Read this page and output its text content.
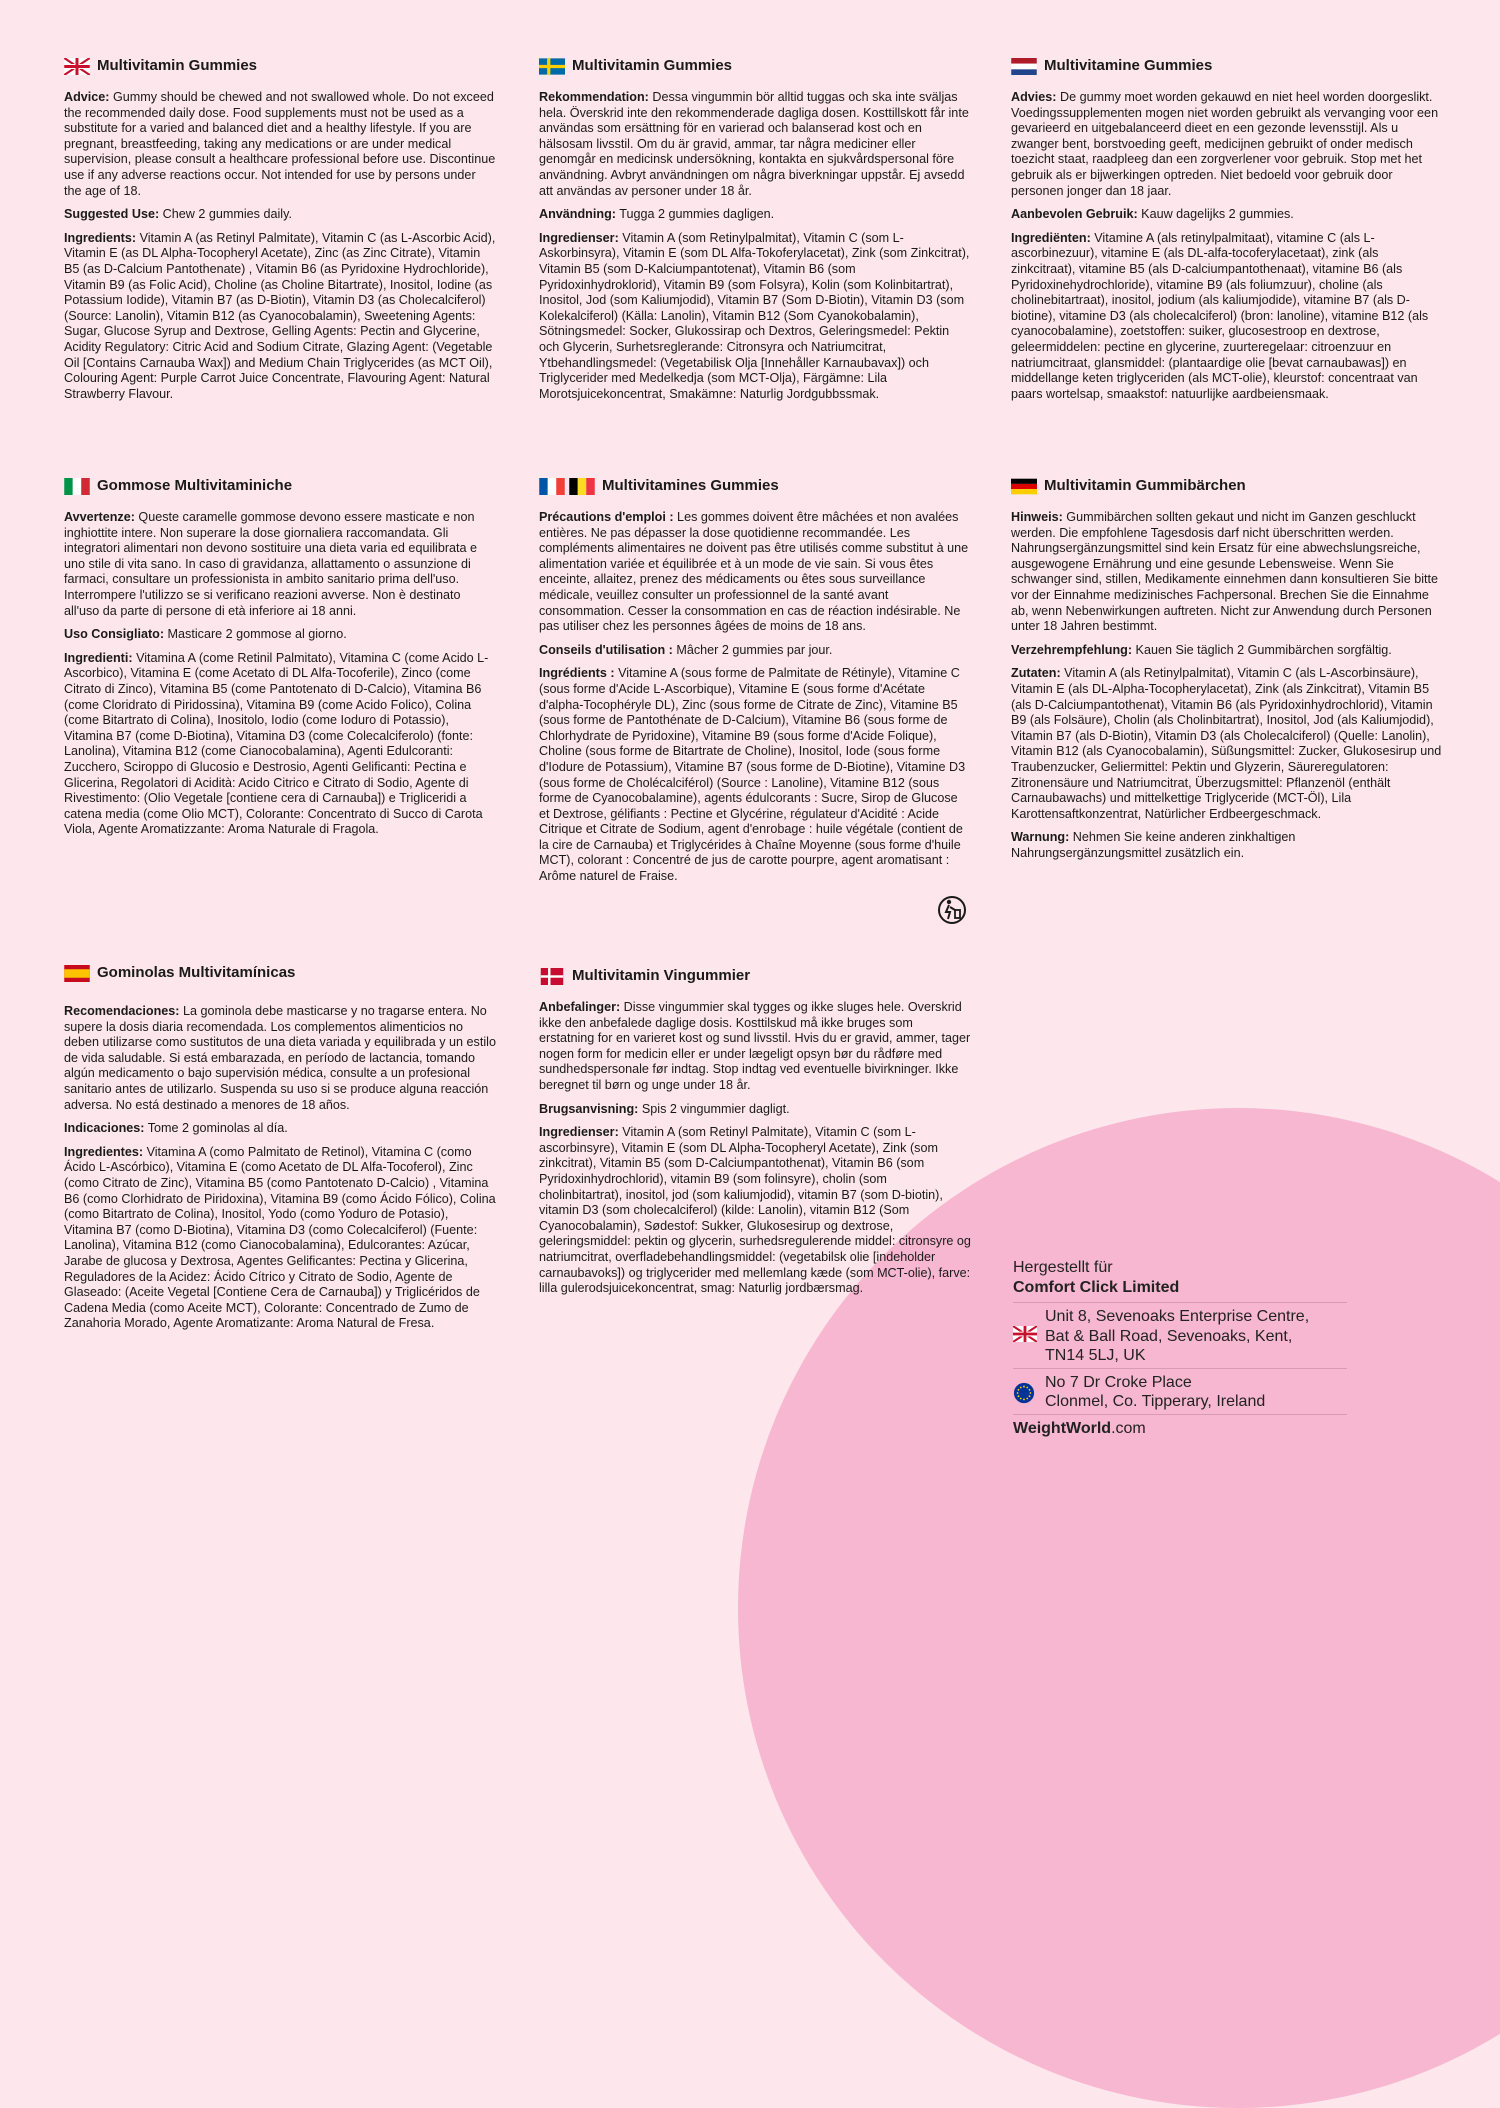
Multivitamin Gummies

Advice: Gummy should be chewed and not swallowed whole. Do not exceed the recommended daily dose. Food supplements must not be used as a substitute for a varied and balanced diet and a healthy lifestyle. If you are pregnant, breastfeeding, taking any medications or are under medical supervision, please consult a healthcare professional before use. Discontinue use if any adverse reactions occur. Not intended for use by persons under the age of 18.

Suggested Use: Chew 2 gummies daily.

Ingredients: Vitamin A (as Retinyl Palmitate), Vitamin C (as L-Ascorbic Acid), Vitamin E (as DL Alpha-Tocopheryl Acetate), Zinc (as Zinc Citrate), Vitamin B5 (as D-Calcium Pantothenate) , Vitamin B6 (as Pyridoxine Hydrochloride), Vitamin B9 (as Folic Acid), Choline (as Choline Bitartrate), Inositol, Iodine (as Potassium Iodide), Vitamin B7 (as D-Biotin), Vitamin D3 (as Cholecalciferol) (Source: Lanolin), Vitamin B12 (as Cyanocobalamin), Sweetening Agents: Sugar, Glucose Syrup and Dextrose, Gelling Agents: Pectin and Glycerine, Acidity Regulatory: Citric Acid and Sodium Citrate, Glazing Agent: (Vegetable Oil [Contains Carnauba Wax]) and Medium Chain Triglycerides (as MCT Oil), Colouring Agent: Purple Carrot Juice Concentrate, Flavouring Agent: Natural Strawberry Flavour.

Multivitamin Gummies

Rekommendation: Dessa vingummin bör alltid tuggas och ska inte sväljas hela. Överskrid inte den rekommenderade dagliga dosen. Kosttillskott får inte användas som ersättning för en varierad och balanserad kost och en hälsosam livsstil. Om du är gravid, ammar, tar några mediciner eller genomgår en medicinsk undersökning, kontakta en sjukvårdspersonal före användning. Avbryt användningen om några biverkningar uppstår. Ej avsedd att användas av personer under 18 år.

Användning: Tugga 2 gummies dagligen.

Ingredienser: Vitamin A (som Retinylpalmitat), Vitamin C (som L-Askorbinsyra), Vitamin E (som DL Alfa-Tokoferylacetat), Zink (som Zinkcitrat), Vitamin B5 (som D-Kalciumpantotenat), Vitamin B6 (som Pyridoxinhydroklorid), Vitamin B9 (som Folsyra), Kolin (som Kolinbitartrat), Inositol, Jod (som Kaliumjodid), Vitamin B7 (Som D-Biotin), Vitamin D3 (som Kolekalciferol) (Källa: Lanolin), Vitamin B12 (Som Cyanokobalamin), Sötningsmedel: Socker, Glukossirap och Dextros, Geleringsmedel: Pektin och Glycerin, Surhetsreglerande: Citronsyra och Natriumcitrat, Ytbehandlingsmedel: (Vegetabilisk Olja [Innehåller Karnaubavax]) och Triglycerider med Medelkedja (som MCT-Olja), Färgämne: Lila Morotsjuicekoncentrat, Smakämne: Naturlig Jordgubbssmak.

Multivitamine Gummies

Advies: De gummy moet worden gekauwd en niet heel worden doorgeslikt. Voedingssupplementen mogen niet worden gebruikt als vervanging voor een gevarieerd en uitgebalanceerd dieet en een gezonde levensstijl. Als u zwanger bent, borstvoeding geeft, medicijnen gebruikt of onder medisch toezicht staat, raadpleeg dan een zorgverlener voor gebruik. Stop met het gebruik als er bijwerkingen optreden. Niet bedoeld voor gebruik door personen jonger dan 18 jaar.

Aanbevolen Gebruik: Kauw dagelijks 2 gummies.

Ingrediënten: Vitamine A (als retinylpalmitaat), vitamine C (als L-ascorbinezuur), vitamine E (als DL-alfa-tocoferylacetaat), zink (als zinkcitraat), vitamine B5 (als D-calciumpantothenaat), vitamine B6 (als Pyridoxinehydrochloride), vitamine B9 (als foliumzuur), choline (als cholinebitartraat), inositol, jodium (als kaliumjodide), vitamine B7 (als D-biotine), vitamine D3 (als cholecalciferol) (bron: lanoline), vitamine B12 (als cyanocobalamine), zoetstoffen: suiker, glucosestroop en dextrose, geleermiddelen: pectine en glycerine, zuurteregelaar: citroenzuur en natriumcitraat, glansmiddel: (plantaardige olie [bevat carnaubawas]) en middellange keten triglyceriden (als MCT-olie), kleurstof: concentraat van paars wortelsap, smaakstof: natuurlijke aardbeiensmaak.

Gommose Multivitaminiche

Avvertenze: Queste caramelle gommose devono essere masticate e non inghiottite intere. Non superare la dose giornaliera raccomandata. Gli integratori alimentari non devono sostituire una dieta varia ed equilibrata e uno stile di vita sano. In caso di gravidanza, allattamento o assunzione di farmaci, consultare un professionista in ambito sanitario prima dell'uso. Interrompere l'utilizzo se si verificano reazioni avverse. Non è destinato all'uso da parte di persone di età inferiore ai 18 anni.

Uso Consigliato: Masticare 2 gommose al giorno.

Ingredienti: Vitamina A (come Retinil Palmitato), Vitamina C (come Acido L-Ascorbico), Vitamina E (come Acetato di DL Alfa-Tocoferile), Zinco (come Citrato di Zinco), Vitamina B5 (come Pantotenato di D-Calcio), Vitamina B6 (come Cloridrato di Piridossina), Vitamina B9 (come Acido Folico), Colina (come Bitartrato di Colina), Inositolo, Iodio (come Ioduro di Potassio), Vitamina B7 (come D-Biotina), Vitamina D3 (come Colecalciferolo) (fonte: Lanolina), Vitamina B12 (come Cianocobalamina), Agenti Edulcoranti: Zucchero, Sciroppo di Glucosio e Destrosio, Agenti Gelificanti: Pectina e Glicerina, Regolatori di Acidità: Acido Citrico e Citrato di Sodio, Agente di Rivestimento: (Olio Vegetale [contiene cera di Carnauba]) e Trigliceridi a catena media (come Olio MCT), Colorante: Concentrato di Succo di Carota Viola, Agente Aromatizzante: Aroma Naturale di Fragola.

Multivitamines Gummies

Précautions d'emploi : Les gommes doivent être mâchées et non avalées entières. Ne pas dépasser la dose quotidienne recommandée. Les compléments alimentaires ne doivent pas être utilisés comme substitut à une alimentation variée et équilibrée et à un mode de vie sain. Si vous êtes enceinte, allaitez, prenez des médicaments ou êtes sous surveillance médicale, veuillez consulter un professionnel de la santé avant consommation. Cesser la consommation en cas de réaction indésirable. Ne pas utiliser chez les personnes âgées de moins de 18 ans.

Conseils d'utilisation : Mâcher 2 gummies par jour.

Ingrédients : Vitamine A (sous forme de Palmitate de Rétinyle), Vitamine C (sous forme d'Acide L-Ascorbique), Vitamine E (sous forme d'Acétate d'alpha-Tocophéryle DL), Zinc (sous forme de Citrate de Zinc), Vitamine B5 (sous forme de Pantothénate de D-Calcium), Vitamine B6 (sous forme de Chlorhydrate de Pyridoxine), Vitamine B9 (sous forme d'Acide Folique), Choline (sous forme de Bitartrate de Choline), Inositol, Iode (sous forme d'Iodure de Potassium), Vitamine B7 (sous forme de D-Biotine), Vitamine D3 (sous forme de Cholécalciférol) (Source : Lanoline), Vitamine B12 (sous forme de Cyanocobalamine), agents édulcorants : Sucre, Sirop de Glucose et Dextrose, gélifiants : Pectine et Glycérine, régulateur d'Acidité : Acide Citrique et Citrate de Sodium, agent d'enrobage : huile végétale (contient de la cire de Carnauba) et Triglycérides à Chaîne Moyenne (sous forme d'huile MCT), colorant : Concentré de jus de carotte pourpre, agent aromatisant : Arôme naturel de Fraise.

Multivitamin Gummibärchen

Hinweis: Gummibärchen sollten gekaut und nicht im Ganzen geschluckt werden. Die empfohlene Tagesdosis darf nicht überschritten werden. Nahrungsergänzungsmittel sind kein Ersatz für eine abwechslungsreiche, ausgewogene Ernährung und eine gesunde Lebensweise. Wenn Sie schwanger sind, stillen, Medikamente einnehmen dann konsultieren Sie bitte vor der Einnahme medizinisches Fachpersonal. Brechen Sie die Einnahme ab, wenn Nebenwirkungen auftreten. Nicht zur Anwendung durch Personen unter 18 Jahren bestimmt.

Verzehrempfehlung: Kauen Sie täglich 2 Gummibärchen sorgfältig.

Zutaten: Vitamin A (als Retinylpalmitat), Vitamin C (als L-Ascorbinsäure), Vitamin E (als DL-Alpha-Tocopherylacetat), Zink (als Zinkcitrat), Vitamin B5 (als D-Calciumpantothenat), Vitamin B6 (als Pyridoxinhydrochlorid), Vitamin B9 (als Folsäure), Cholin (als Cholinbitartrat), Inositol, Jod (als Kaliumjodid), Vitamin B7 (als D-Biotin), Vitamin D3 (als Cholecalciferol) (Quelle: Lanolin), Vitamin B12 (als Cyanocobalamin), Süßungsmittel: Zucker, Glukosesirup und Traubenzucker, Geliermittel: Pektin und Glyzerin, Säureregulatoren: Zitronensäure und Natriumcitrat, Überzugsmittel: Pflanzenöl (enthält Carnaubawachs) und mittelkettige Triglyceride (MCT-Öl), Lila Karottensaftkonzentrat, Natürlicher Erdbeergeschmack.

Warnung: Nehmen Sie keine anderen zinkhaltigen Nahrungsergänzungsmittel zusätzlich ein.

Gominolas Multivitamínicas

Recomendaciones: La gominola debe masticarse y no tragarse entera. No supere la dosis diaria recomendada. Los complementos alimenticios no deben utilizarse como sustitutos de una dieta variada y equilibrada y un estilo de vida saludable. Si está embarazada, en período de lactancia, tomando algún medicamento o bajo supervisión médica, consulte a un profesional sanitario antes de utilizarlo. Suspenda su uso si se produce alguna reacción adversa. No está destinado a menores de 18 años.

Indicaciones: Tome 2 gominolas al día.

Ingredientes: Vitamina A (como Palmitato de Retinol), Vitamina C (como Ácido L-Ascórbico), Vitamina E (como Acetato de DL Alfa-Tocoferol), Zinc (como Citrato de Zinc), Vitamina B5 (como Pantotenato D-Calcio) , Vitamina B6 (como Clorhidrato de Piridoxina), Vitamina B9 (como Ácido Fólico), Colina (como Bitartrato de Colina), Inositol, Yodo (como Yoduro de Potasio), Vitamina B7 (como D-Biotina), Vitamina D3 (como Colecalciferol) (Fuente: Lanolina), Vitamina B12 (como Cianocobalamina), Edulcorantes: Azúcar, Jarabe de glucosa y Dextrosa, Agentes Gelificantes: Pectina y Glicerina, Reguladores de la Acidez: Ácido Cítrico y Citrato de Sodio, Agente de Glaseado: (Aceite Vegetal [Contiene Cera de Carnauba]) y Triglicéridos de Cadena Media (como Aceite MCT), Colorante: Concentrado de Zumo de Zanahoria Morado, Agente Aromatizante: Aroma Natural de Fresa.

Multivitamin Vingummier

Anbefalinger: Disse vingummier skal tygges og ikke sluges hele. Overskrid ikke den anbefalede daglige dosis. Kosttilskud må ikke bruges som erstatning for en varieret kost og sund livsstil. Hvis du er gravid, ammer, tager nogen form for medicin eller er under lægeligt opsyn bør du rådføre med sundhedspersonale før indtag. Stop indtag ved eventuelle bivirkninger. Ikke beregnet til børn og unge under 18 år.

Brugsanvisning: Spis 2 vingummier dagligt.

Ingredienser: Vitamin A (som Retinyl Palmitate), Vitamin C (som L-ascorbinsyre), Vitamin E (som DL Alpha-Tocopheryl Acetate), Zink (som zinkcitrat), Vitamin B5 (som D-Calciumpantothenat), Vitamin B6 (som Pyridoxinhydrochlorid), vitamin B9 (som folinsyre), cholin (som cholinbitartrat), inositol, jod (som kaliumjodid), vitamin B7 (som D-biotin), vitamin D3 (som cholecalciferol) (kilde: Lanolin), vitamin B12 (Som Cyanocobalamin), Sødestof: Sukker, Glukosesirup og dextrose, geleringsmiddel: pektin og glycerin, surhedsregulerende middel: citronsyre og natriumcitrat, overfladebehandlingsmiddel: (vegetabilsk olie [indeholder carnaubavoks]) og triglycerider med mellemlang kæde (som MCT-olie), farve: lilla gulerodsjuicekoncentrat, smag: Naturlig jordbærsmag.

Hergestellt für
Comfort Click Limited
Unit 8, Sevenoaks Enterprise Centre,
Bat & Ball Road, Sevenoaks, Kent,
TN14 5LJ, UK
No 7 Dr Croke Place
Clonmel, Co. Tipperary, Ireland
WeightWorld.com
